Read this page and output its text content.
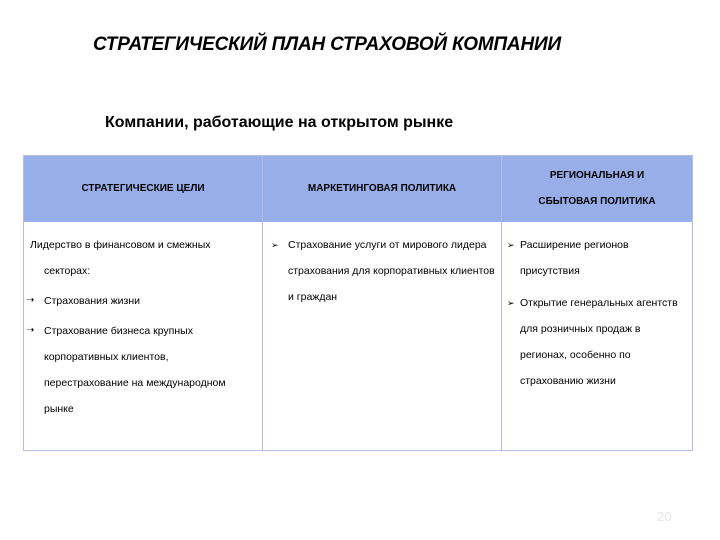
СТРАТЕГИЧЕСКИЙ ПЛАН СТРАХОВОЙ КОМПАНИИ
Компании, работающие на открытом рынке
СТРАТЕГИЧЕСКИЕ ЦЕЛИ	МАРКЕТИНГОВАЯ ПОЛИТИКА
РЕГИОНАЛЬНАЯ И СБЫТОВАЯ ПОЛИТИКА
Лидерство в финансовом и смежных секторах:
➝ Страхования жизни
➝ Страхование бизнеса крупных корпоративных клиентов, перестрахование на международном рынке
➢ Страхование услуги от мирового лидера страхования для корпоративных клиентов и граждан
➢ Расширение регионов присутствия
➢ Открытие генеральных агентств для розничных продаж в регионах, особенно по страхованию жизни
20
